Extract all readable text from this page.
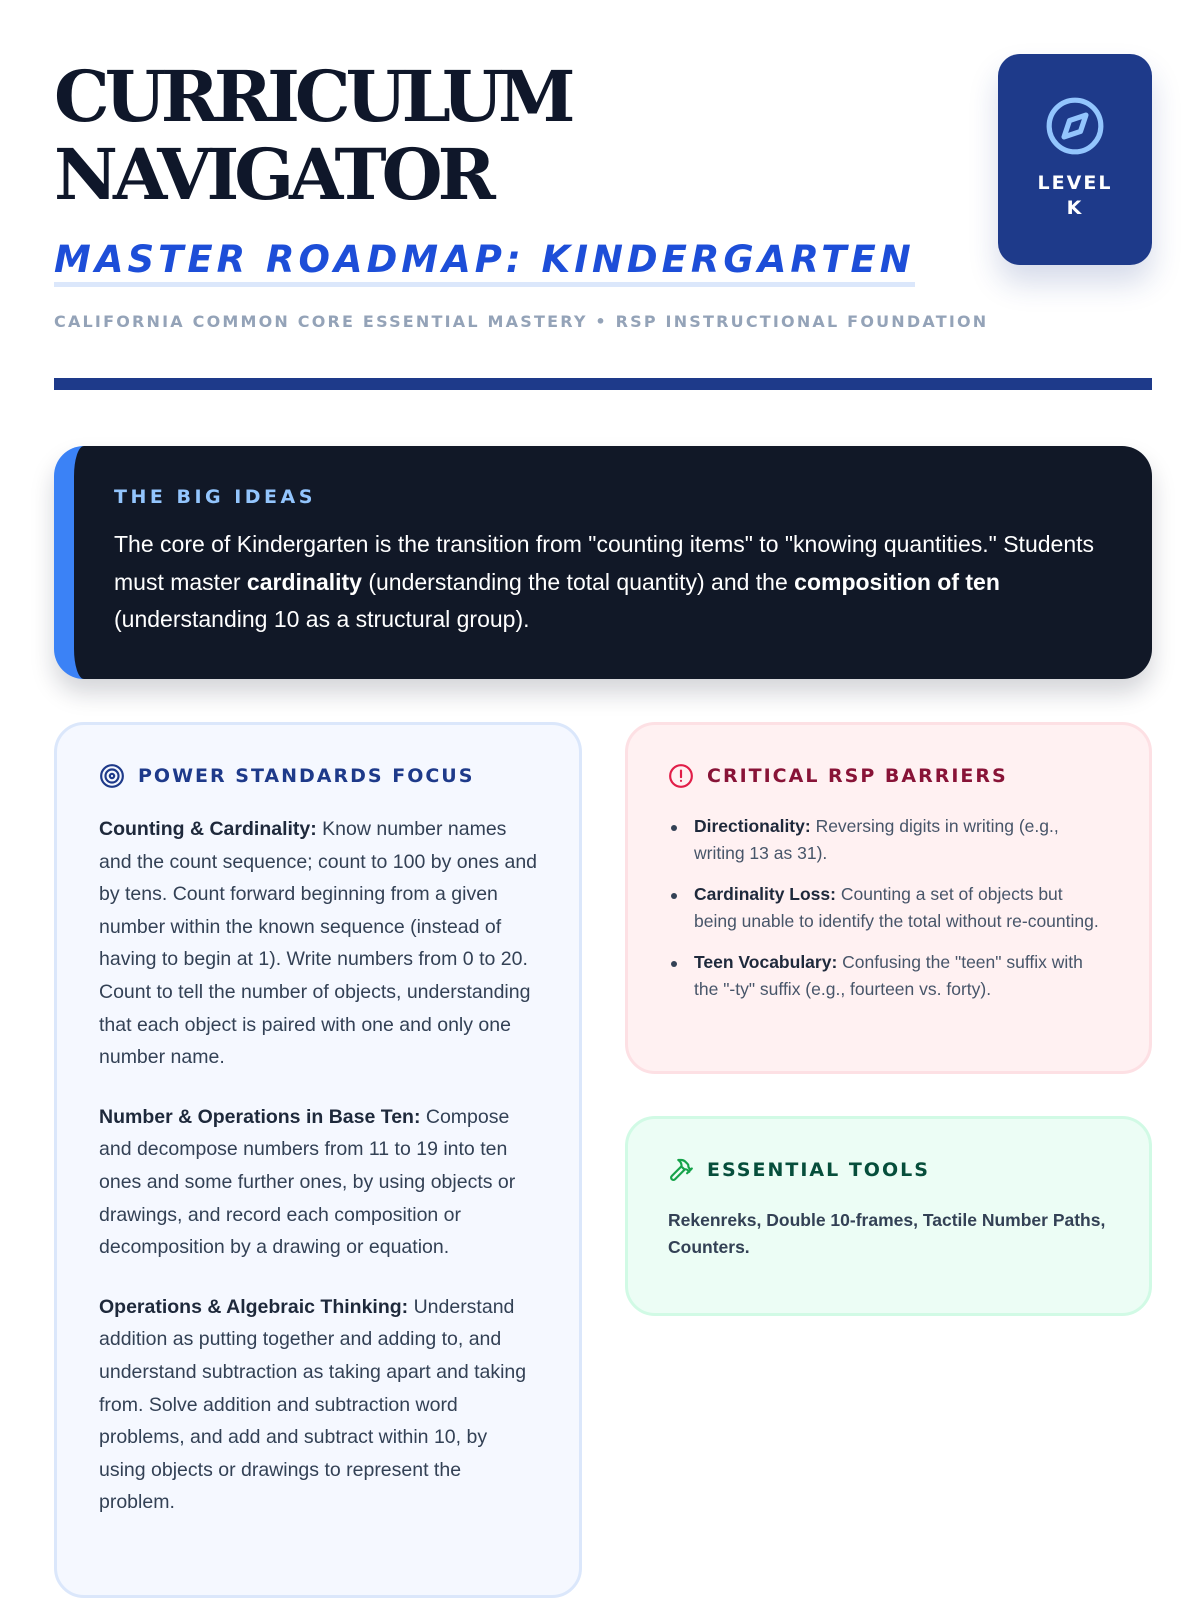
CURRICULUM
NAVIGATOR
MASTER ROADMAP: KINDERGARTEN
CALIFORNIA COMMON CORE ESSENTIAL MASTERY • RSP INSTRUCTIONAL FOUNDATION
LEVEL
K
THE BIG IDEAS

The core of Kindergarten is the transition from "counting items" to "knowing quantities." Students must master cardinality (understanding the total quantity) and the composition of ten (understanding 10 as a structural group).

POWER STANDARDS FOCUS

Counting & Cardinality: Know number names and the count sequence; count to 100 by ones and by tens. Count forward beginning from a given number within the known sequence (instead of having to begin at 1). Write numbers from 0 to 20. Count to tell the number of objects, understanding that each object is paired with one and only one number name.

Number & Operations in Base Ten: Compose and decompose numbers from 11 to 19 into ten ones and some further ones, by using objects or drawings, and record each composition or decomposition by a drawing or equation.

Operations & Algebraic Thinking: Understand addition as putting together and adding to, and understand subtraction as taking apart and taking from. Solve addition and subtraction word problems, and add and subtract within 10, by using objects or drawings to represent the problem.

CRITICAL RSP BARRIERS
Directionality: Reversing digits in writing (e.g., writing 13 as 31).
Cardinality Loss: Counting a set of objects but being unable to identify the total without re-counting.
Teen Vocabulary: Confusing the "teen" suffix with the "-ty" suffix (e.g., fourteen vs. forty).
ESSENTIAL TOOLS

Rekenreks, Double 10-frames, Tactile Number Paths, Counters.
